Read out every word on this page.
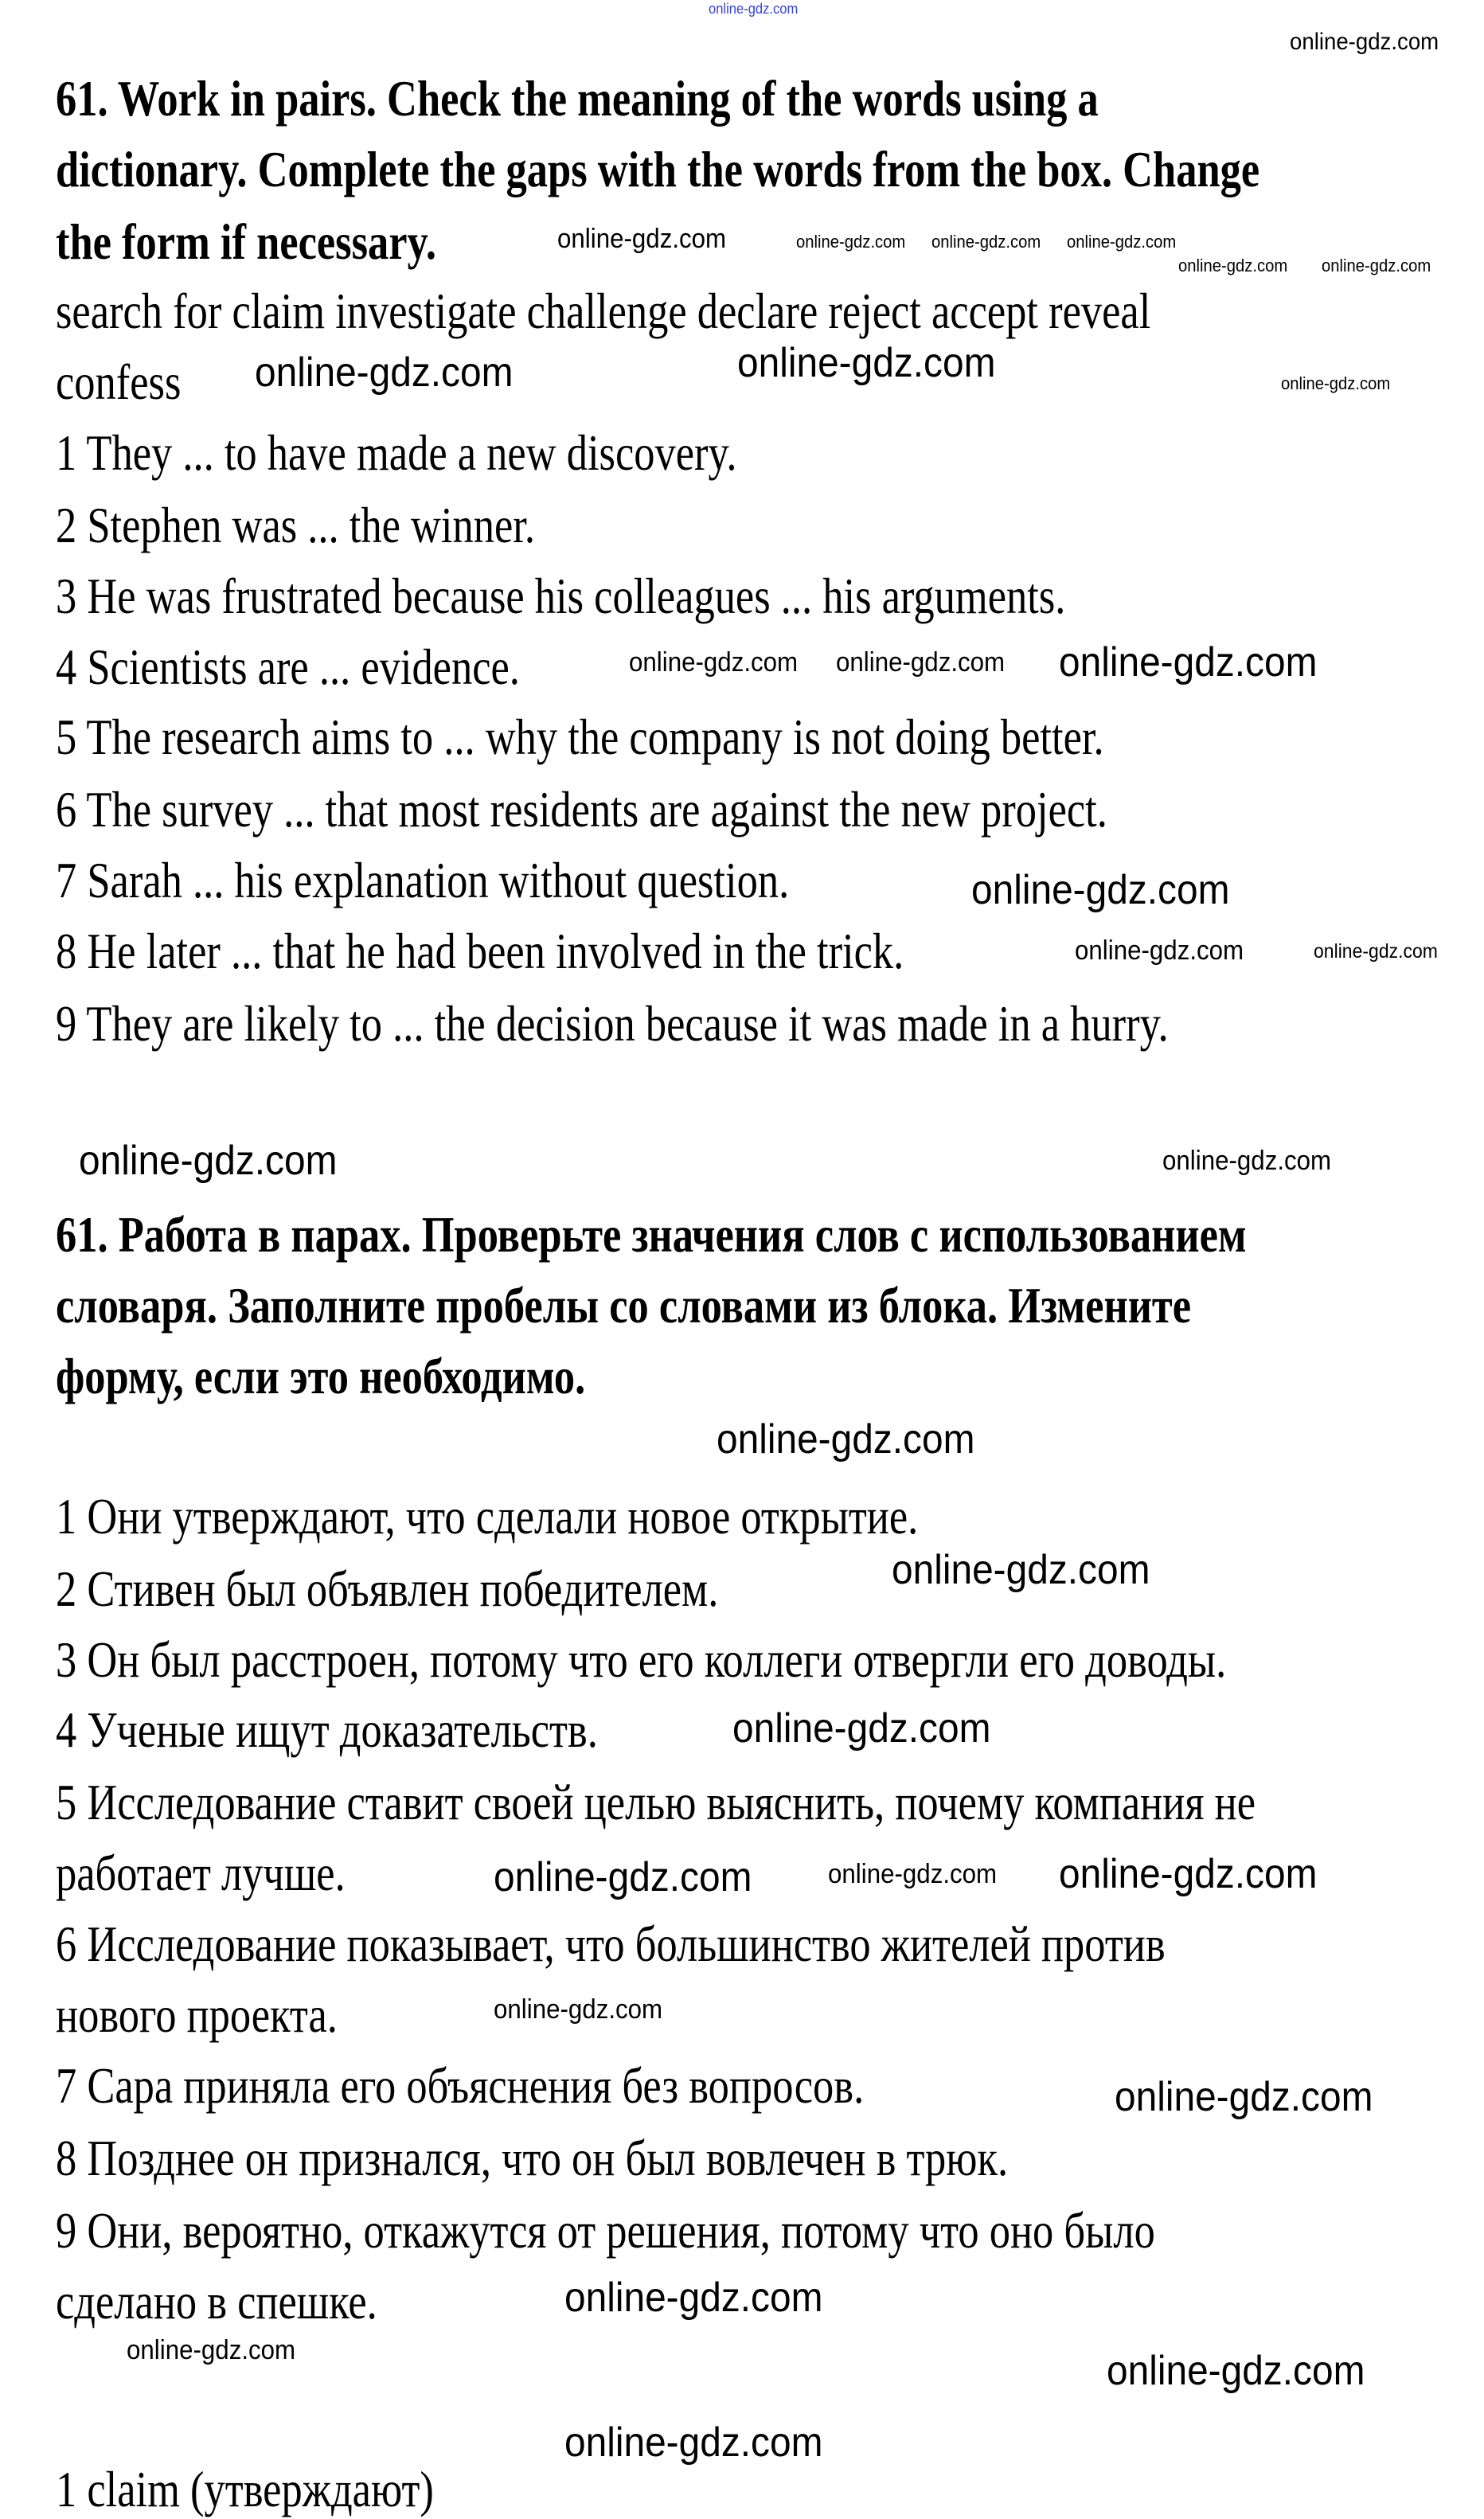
61. Work in pairs. Check the meaning of the words using a
dictionary. Complete the gaps with the words from the box. Change
the form if necessary.
search for claim investigate challenge declare reject accept reveal
confess
1 They ... to have made a new discovery.
2 Stephen was ... the winner.
3 He was frustrated because his colleagues ... his arguments.
4 Scientists are ... evidence.
5 The research aims to ... why the company is not doing better.
6 The survey ... that most residents are against the new project.
7 Sarah ... his explanation without question.
8 He later ... that he had been involved in the trick.
9 They are likely to ... the decision because it was made in a hurry.
61. Работа в парах. Проверьте значения слов с использованием
словаря. Заполните пробелы со словами из блока. Измените
форму, если это необходимо.
1 Они утверждают, что сделали новое открытие.
2 Стивен был объявлен победителем.
3 Он был расстроен, потому что его коллеги отвергли его доводы.
4 Ученые ищут доказательств.
5 Исследование ставит своей целью выяснить, почему компания не
работает лучше.
6 Исследование показывает, что большинство жителей против
нового проекта.
7 Сара приняла его объяснения без вопросов.
8 Позднее он признался, что он был вовлечен в трюк.
9 Они, вероятно, откажутся от решения, потому что оно было
сделано в спешке.
1 claim (утверждают)
online-gdz.com
online-gdz.com
online-gdz.com	online-gdz.com online-gdz.com online-gdz.com
online-gdz.com online-gdz.com
online-gdz.com	online-gdz.com	online-gdz.com
online-gdz.com online-gdz.com online-gdz.com
online-gdz.com
online-gdz.com	online-gdz.com
online-gdz.com	online-gdz.com
online-gdz.com
online-gdz.com
online-gdz.com
online-gdz.com	online-gdz.com online-gdz.com
online-gdz.com
online-gdz.com
online-gdz.com
online-gdz.com	online-gdz.com
online-gdz.com
